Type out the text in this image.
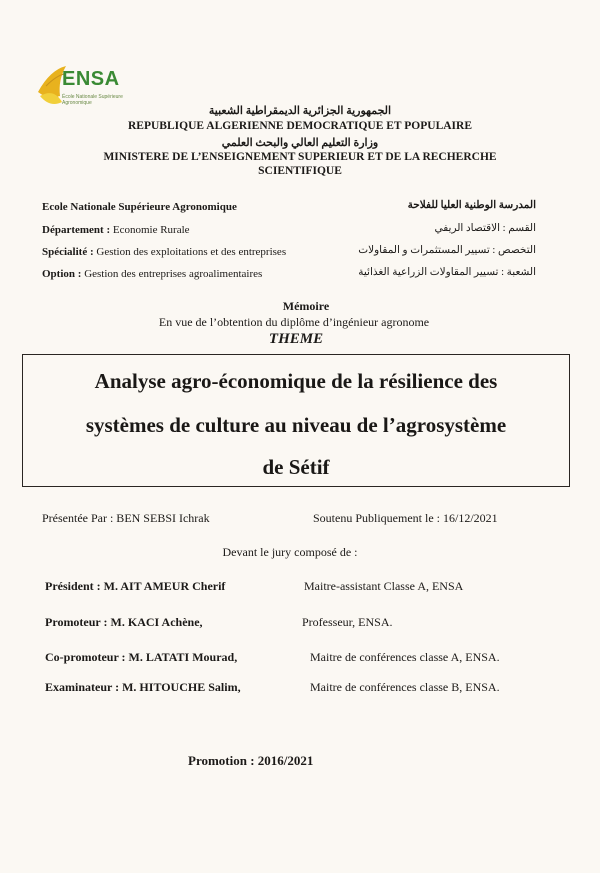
ENSA
École Nationale Supérieure Agronomique
الجمهورية الجزائرية الديمقراطية الشعبية
REPUBLIQUE ALGERIENNE DEMOCRATIQUE ET POPULAIRE
وزارة التعليم العالي والبحث العلمي
MINISTERE DE L’ENSEIGNEMENT SUPERIEUR ET DE LA RECHERCHE
SCIENTIFIQUE
Ecole Nationale Supérieure Agronomique	المدرسة الوطنية العليا للفلاحة
Département : Economie Rurale	القسم : الاقتصاد الريفي
Spécialité : Gestion des exploitations et des entreprises	التخصص : تسيير المستثمرات و المقاولات
Option : Gestion des entreprises agroalimentaires	الشعبة : تسيير المقاولات الزراعية الغذائية
Mémoire
En vue de l’obtention du diplôme d’ingénieur agronome
THEME
Analyse agro-économique de la résilience des
systèmes de culture au niveau de l’agrosystème
de Sétif
Présentée Par : BEN SEBSI Ichrak	Soutenu Publiquement le : 16/12/2021
Devant le jury composé de :
Président : M. AIT AMEUR Cherif	Maitre-assistant Classe A, ENSA
Promoteur : M. KACI Achène,	Professeur, ENSA.
Co-promoteur : M. LATATI Mourad,	Maitre de conférences classe A, ENSA.
Examinateur : M. HITOUCHE Salim,	Maitre de conférences classe B, ENSA.
Promotion : 2016/2021
